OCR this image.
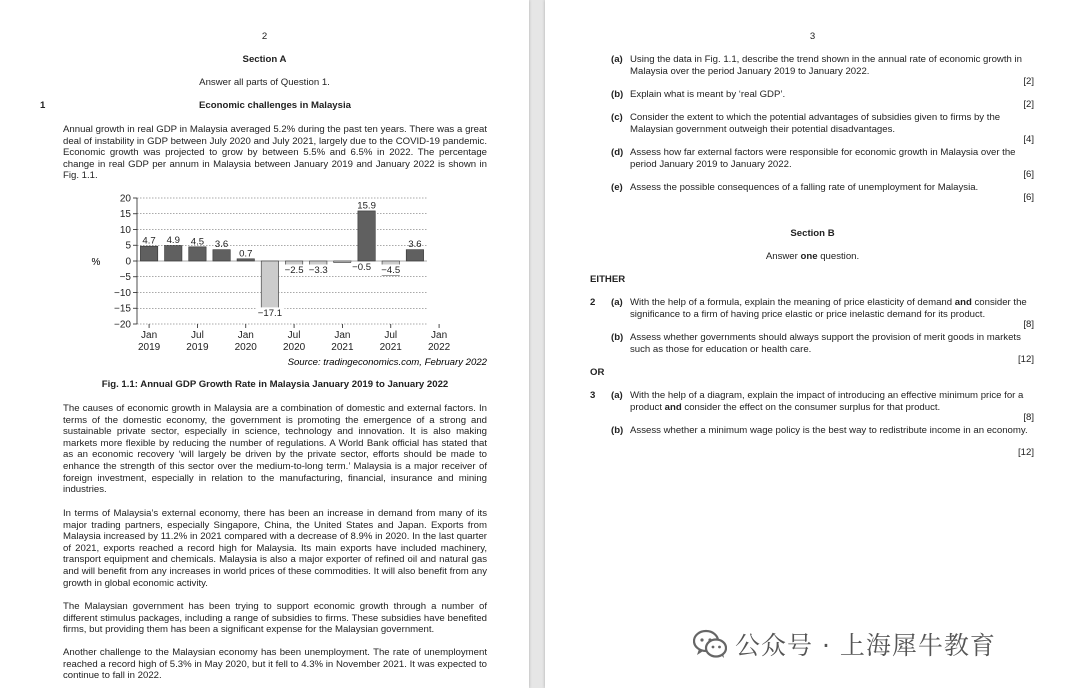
2

Section A

Answer all parts of Question 1.

1	Economic challenges in Malaysia

Annual growth in real GDP in Malaysia averaged 5.2% during the past ten years. There was a great deal of instability in GDP between July 2020 and July 2021, largely due to the COVID-19 pandemic. Economic growth was projected to grow by between 5.5% and 6.5% in 2022. The percentage change in real GDP per annum in Malaysia between January 2019 and January 2022 is shown in Fig. 1.1.

4.7 4.9 4.5 3.6
0.7
−17.1
−2.5 −3.3	−0.5
15.9
−4.5
3.6
20
15
10
5
0
−5
−10
−15
−20
Jan
2019
Jul
2019
Jan
2020
Jul
2020
Jan
2021
Jul
2021
Jan
2022
%
Source: tradingeconomics.com, February 2022

Fig. 1.1: Annual GDP Growth Rate in Malaysia January 2019 to January 2022

The causes of economic growth in Malaysia are a combination of domestic and external factors. In terms of the domestic economy, the government is promoting the emergence of a strong and sustainable private sector, especially in science, technology and innovation. It is also making markets more flexible by reducing the number of regulations. A World Bank official has stated that as an economic recovery ‘will largely be driven by the private sector, efforts should be made to enhance the strength of this sector over the medium-to-long term.’ Malaysia is a major receiver of foreign investment, especially in relation to the manufacturing, financial, insurance and mining industries.

In terms of Malaysia’s external economy, there has been an increase in demand from many of its major trading partners, especially Singapore, China, the United States and Japan. Exports from Malaysia increased by 11.2% in 2021 compared with a decrease of 8.9% in 2020. In the last quarter of 2021, exports reached a record high for Malaysia. Its main exports have included machinery, transport equipment and chemicals. Malaysia is also a major exporter of refined oil and natural gas and will benefit from any increases in world prices of these commodities. It will also benefit from any growth in global economic activity.

The Malaysian government has been trying to support economic growth through a number of different stimulus packages, including a range of subsidies to firms. These subsidies have benefited firms, but providing them has been a significant expense for the Malaysian government.

Another challenge to the Malaysian economy has been unemployment. The rate of unemployment reached a record high of 5.3% in May 2020, but it fell to 4.3% in November 2021. It was expected to continue to fall in 2022.

3

(a) Using the data in Fig. 1.1, describe the trend shown in the annual rate of economic growth in Malaysia over the period January 2019 to January 2022.

[2]

(b) Explain what is meant by ‘real GDP’.

[2]

(c) Consider the extent to which the potential advantages of subsidies given to firms by the Malaysian government outweigh their potential disadvantages.

[4]

(d) Assess how far external factors were responsible for economic growth in Malaysia over the period January 2019 to January 2022.

[6]

(e) Assess the possible consequences of a falling rate of unemployment for Malaysia.

[6]

Section B

Answer one question.

EITHER

2 (a) With the help of a formula, explain the meaning of price elasticity of demand and consider the significance to a firm of having price elastic or price inelastic demand for its product.

[8]

(b) Assess whether governments should always support the provision of merit goods in markets such as those for education or health care.

[12]

OR

3 (a) With the help of a diagram, explain the impact of introducing an effective minimum price for a product and consider the effect on the consumer surplus for that product.

[8]

(b) Assess whether a minimum wage policy is the best way to redistribute income in an economy.

[12]

公众号 · 上海犀牛教育
